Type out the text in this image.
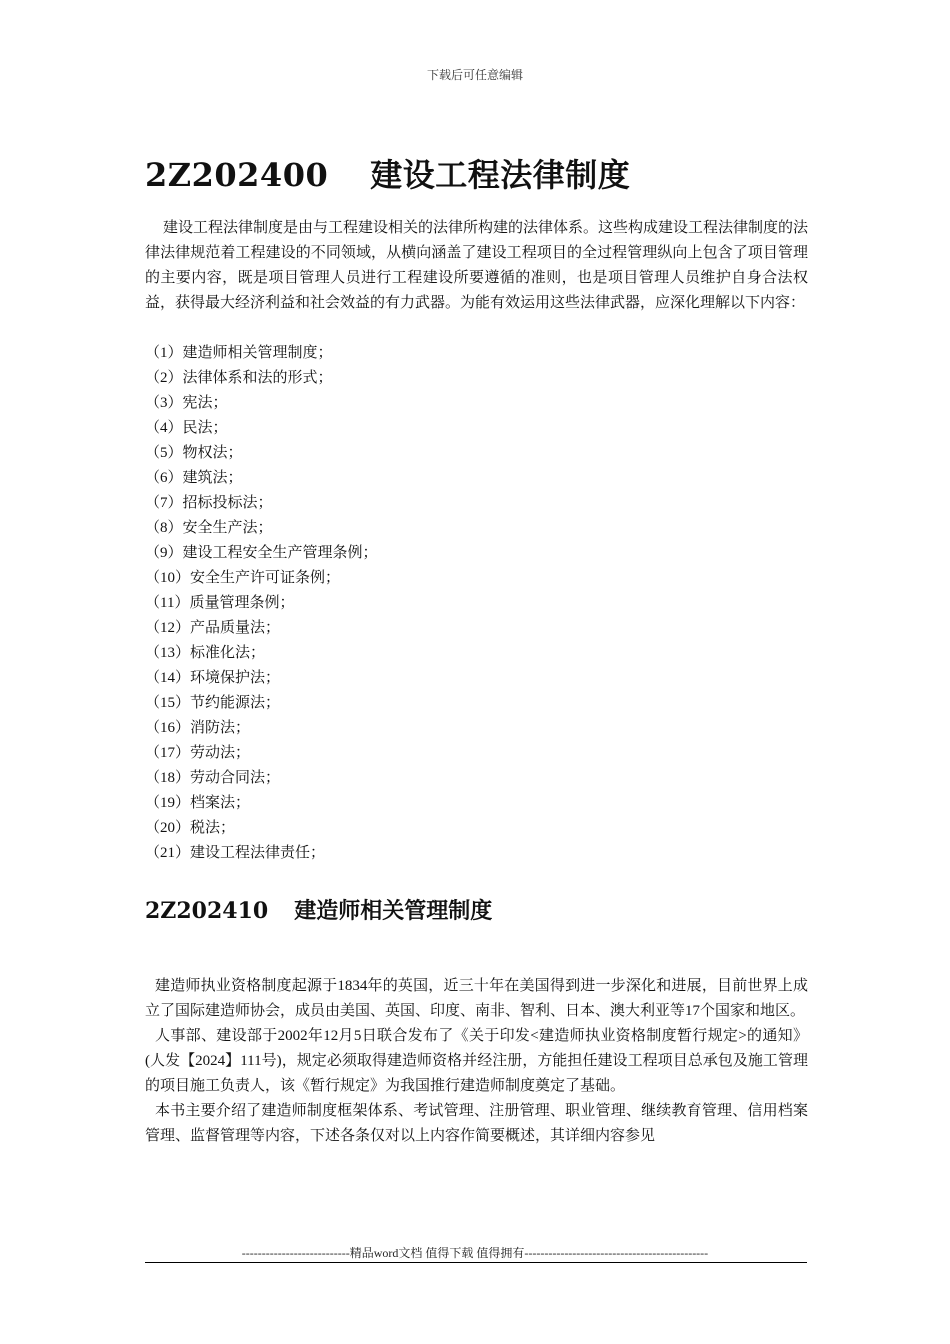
下载后可任意编辑
2Z202400 建设工程法律制度
建设工程法律制度是由与工程建设相关的法律所构建的法律体系。这些构成建设工程法律制度的法律法律规范着工程建设的不同领域，从横向涵盖了建设工程项目的全过程管理纵向上包含了项目管理的主要内容，既是项目管理人员进行工程建设所要遵循的准则，也是项目管理人员维护自身合法权益，获得最大经济利益和社会效益的有力武器。为能有效运用这些法律武器，应深化理解以下内容：
（1）建造师相关管理制度；
（2）法律体系和法的形式；
（3）宪法；
（4）民法；
（5）物权法；
（6）建筑法；
（7）招标投标法；
（8）安全生产法；
（9）建设工程安全生产管理条例；
（10）安全生产许可证条例；
（11）质量管理条例；
（12）产品质量法；
（13）标准化法；
（14）环境保护法；
（15）节约能源法；
（16）消防法；
（17）劳动法；
（18）劳动合同法；
（19）档案法；
（20）税法；
（21）建设工程法律责任；
2Z202410 建造师相关管理制度

建造师执业资格制度起源于1834年的英国，近三十年在美国得到进一步深化和进展，目前世界上成立了国际建造师协会，成员由美国、英国、印度、南非、智利、日本、澳大利亚等17个国家和地区。

人事部、建设部于2002年12月5日联合发布了《关于印发<建造师执业资格制度暂行规定>的通知》(人发【2024】111号)，规定必须取得建造师资格并经注册，方能担任建设工程项目总承包及施工管理的项目施工负责人，该《暂行规定》为我国推行建造师制度奠定了基础。

本书主要介绍了建造师制度框架体系、考试管理、注册管理、职业管理、继续教育管理、信用档案管理、监督管理等内容，下述各条仅对以上内容作简要概述，其详细内容参见

---------------------------精品word文档 值得下载 值得拥有----------------------------------------------
